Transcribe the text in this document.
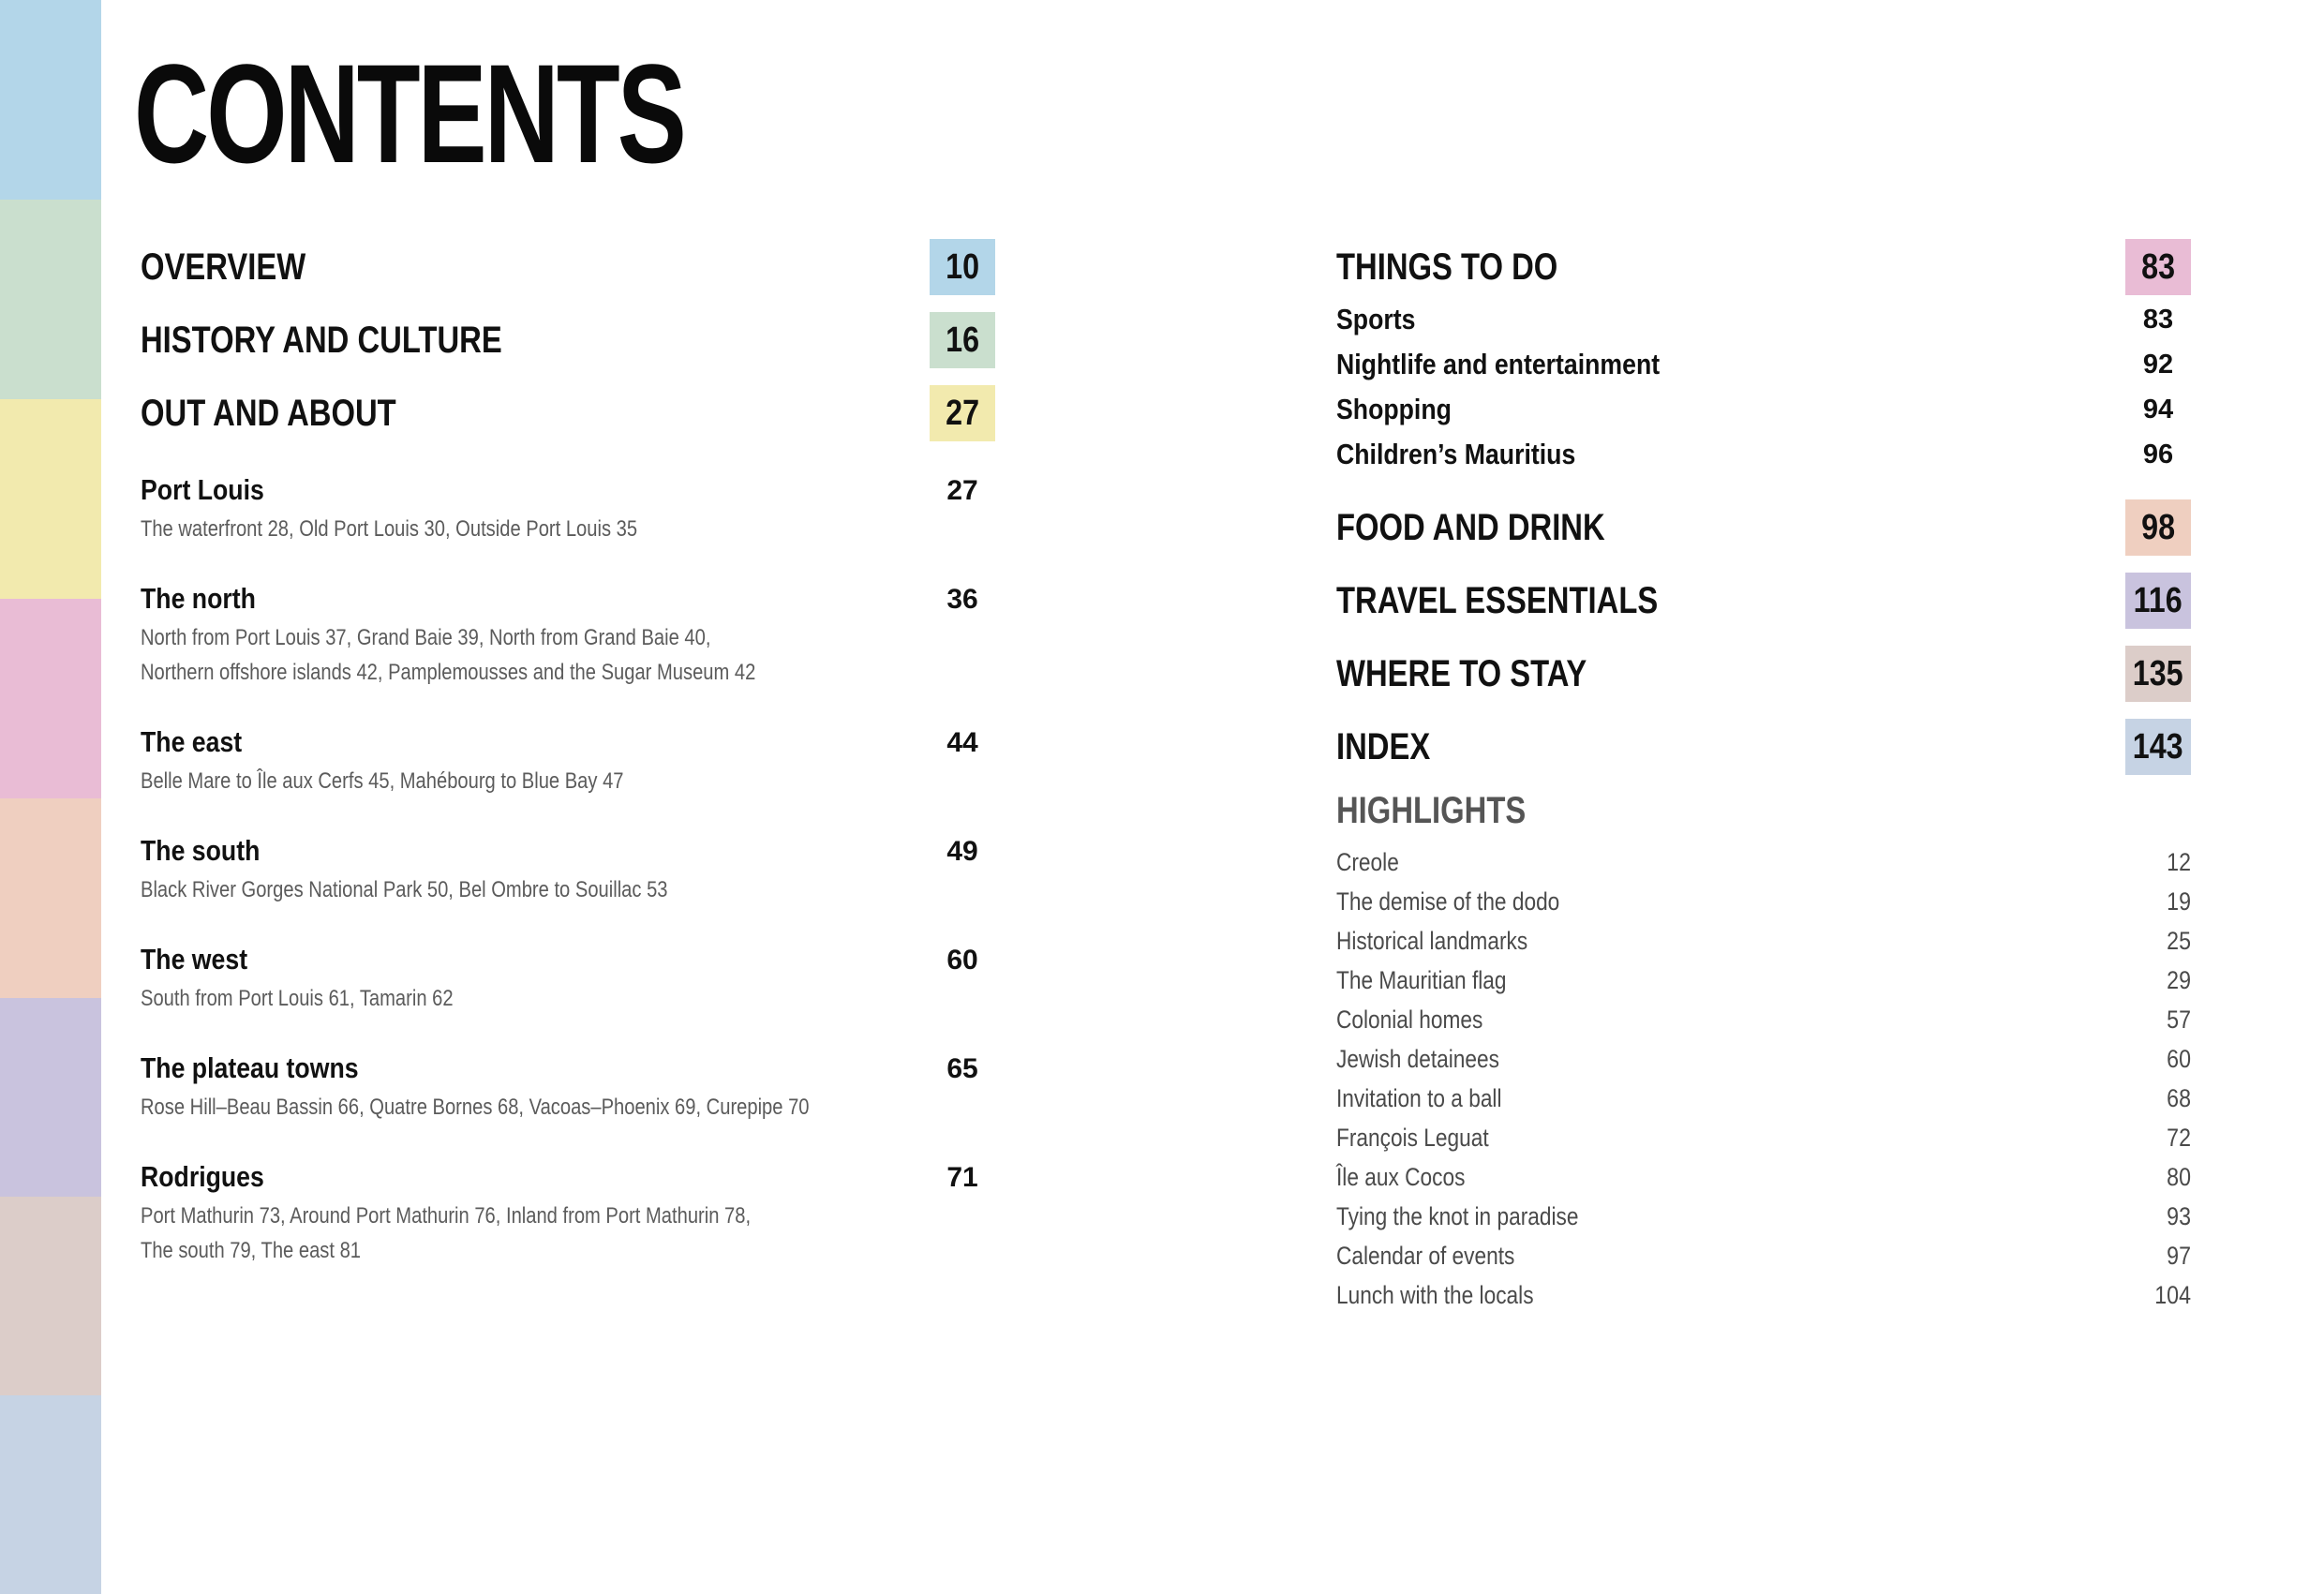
CONTENTS
OVERVIEW	10
HISTORY AND CULTURE	16
OUT AND ABOUT	27
Port Louis	27
The waterfront 28, Old Port Louis 30, Outside Port Louis 35
The north	36
North from Port Louis 37, Grand Baie 39, North from Grand Baie 40,
Northern offshore islands 42, Pamplemousses and the Sugar Museum 42
The east	44
Belle Mare to Île aux Cerfs 45, Mahébourg to Blue Bay 47
The south	49
Black River Gorges National Park 50, Bel Ombre to Souillac 53
The west	60
South from Port Louis 61, Tamarin 62
The plateau towns	65
Rose Hill–Beau Bassin 66, Quatre Bornes 68, Vacoas–Phoenix 69, Curepipe 70
Rodrigues	71
Port Mathurin 73, Around Port Mathurin 76, Inland from Port Mathurin 78,
The south 79, The east 81
THINGS TO DO	83
Sports	83
Nightlife and entertainment	92
Shopping	94
Children’s Mauritius	96
FOOD AND DRINK	98
TRAVEL ESSENTIALS	116
WHERE TO STAY	135
INDEX	143
HIGHLIGHTS
Creole	12
The demise of the dodo	19
Historical landmarks	25
The Mauritian flag	29
Colonial homes	57
Jewish detainees	60
Invitation to a ball	68
François Leguat	72
Île aux Cocos	80
Tying the knot in paradise	93
Calendar of events	97
Lunch with the locals	104
